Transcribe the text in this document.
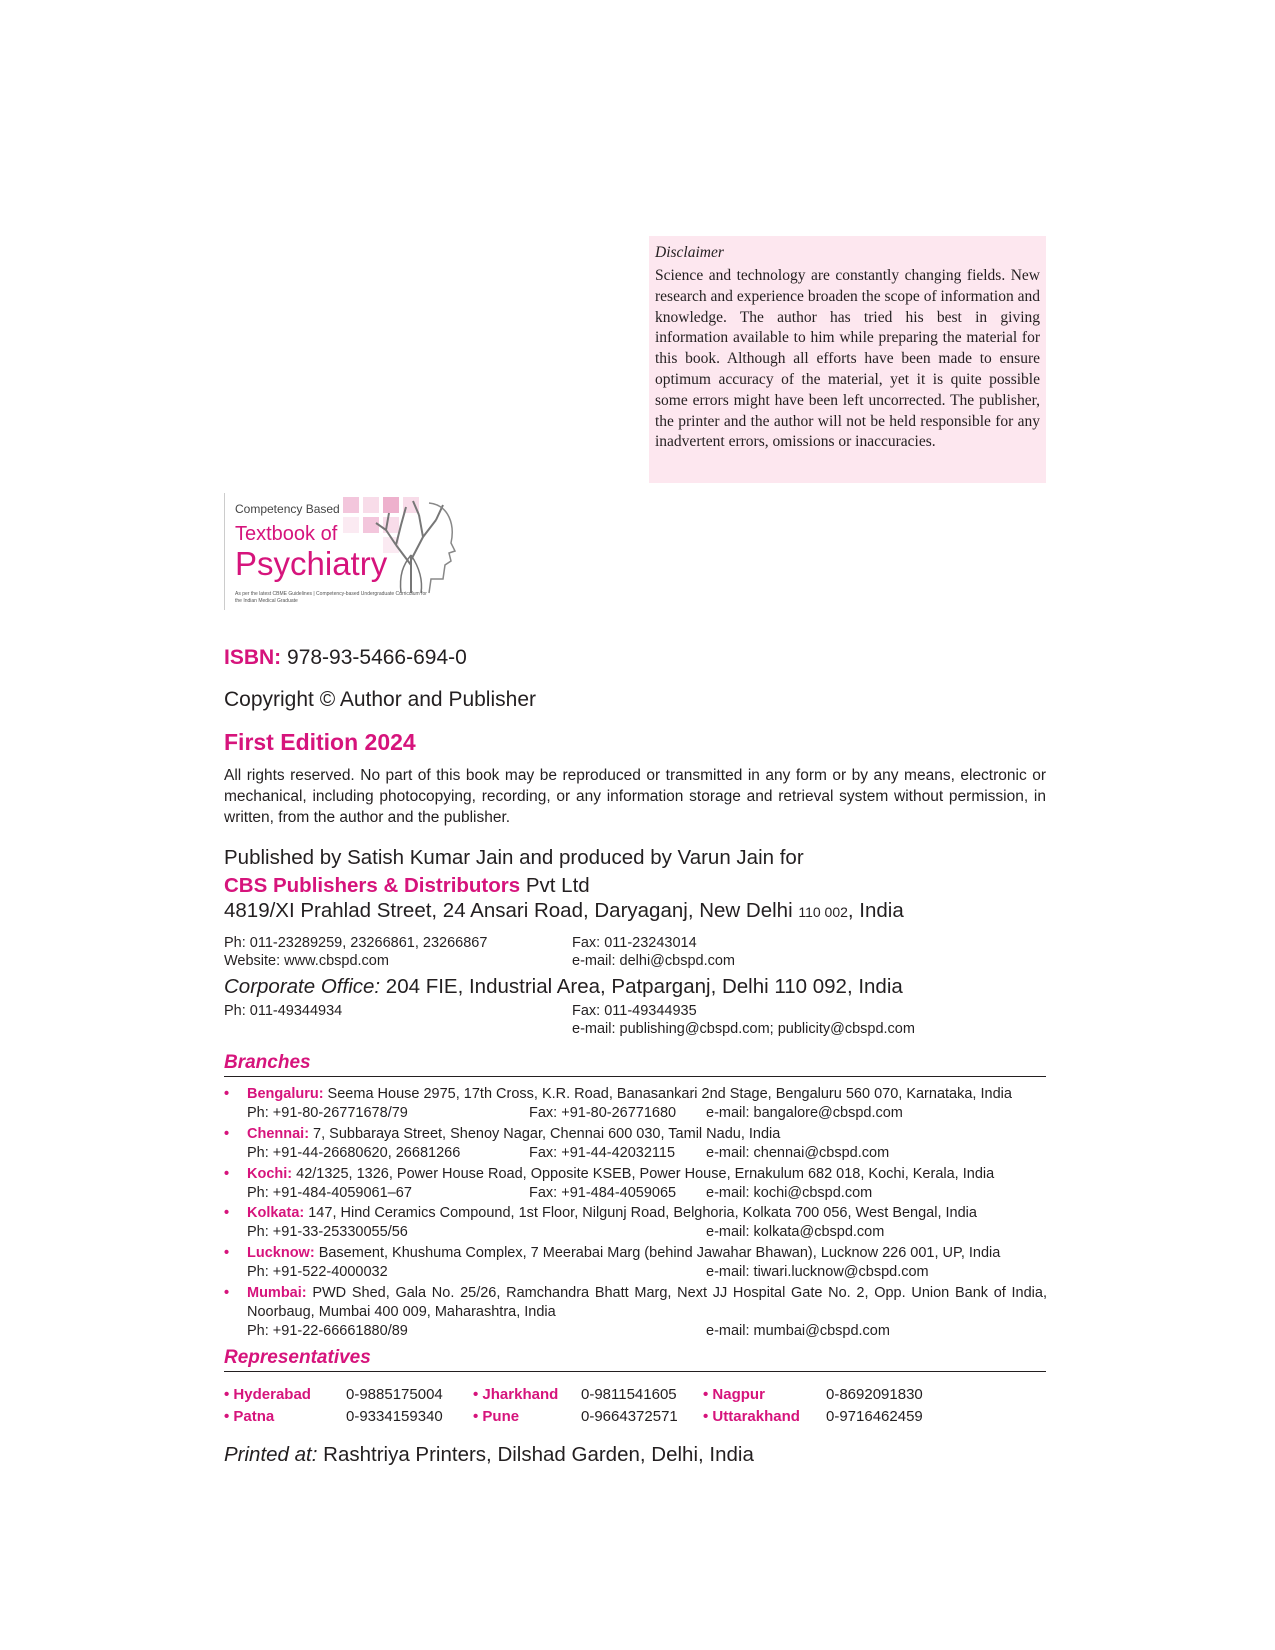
Disclaimer
Science and technology are constantly changing fields. New research and experience broaden the scope of information and knowledge. The author has tried his best in giving information available to him while preparing the material for this book. Although all efforts have been made to ensure optimum accuracy of the material, yet it is quite possible some errors might have been left uncorrected. The publisher, the printer and the author will not be held responsible for any inadvertent errors, omissions or inaccuracies.
Competency Based
Textbook of
Psychiatry
As per the latest CBME Guidelines | Competency-based Undergraduate Curriculum for the Indian Medical Graduate
ISBN: 978-93-5466-694-0
Copyright © Author and Publisher
First Edition 2024
All rights reserved. No part of this book may be reproduced or transmitted in any form or by any means, electronic or mechanical, including photocopying, recording, or any information storage and retrieval system without permission, in written, from the author and the publisher.
Published by Satish Kumar Jain and produced by Varun Jain for
CBS Publishers & Distributors Pvt Ltd
4819/XI Prahlad Street, 24 Ansari Road, Daryaganj, New Delhi 110 002, India
Ph: 011-23289259, 23266861, 23266867	Fax: 011-23243014
Website: www.cbspd.com	e-mail: delhi@cbspd.com
Corporate Office: 204 FIE, Industrial Area, Patparganj, Delhi 110 092, India
Ph: 011-49344934	Fax: 011-49344935
e-mail: publishing@cbspd.com; publicity@cbspd.com
Branches
• Bengaluru: Seema House 2975, 17th Cross, K.R. Road, Banasankari 2nd Stage, Bengaluru 560 070, Karnataka, India
Ph: +91-80-26771678/79	Fax: +91-80-26771680 e-mail: bangalore@cbspd.com
• Chennai: 7, Subbaraya Street, Shenoy Nagar, Chennai 600 030, Tamil Nadu, India
Ph: +91-44-26680620, 26681266	Fax: +91-44-42032115 e-mail: chennai@cbspd.com
• Kochi: 42/1325, 1326, Power House Road, Opposite KSEB, Power House, Ernakulum 682 018, Kochi, Kerala, India
Ph: +91-484-4059061–67	Fax: +91-484-4059065 e-mail: kochi@cbspd.com
• Kolkata: 147, Hind Ceramics Compound, 1st Floor, Nilgunj Road, Belghoria, Kolkata 700 056, West Bengal, India
Ph: +91-33-25330055/56	e-mail: kolkata@cbspd.com
• Lucknow: Basement, Khushuma Complex, 7 Meerabai Marg (behind Jawahar Bhawan), Lucknow 226 001, UP, India
Ph: +91-522-4000032	e-mail: tiwari.lucknow@cbspd.com
• Mumbai: PWD Shed, Gala No. 25/26, Ramchandra Bhatt Marg, Next JJ Hospital Gate No. 2, Opp. Union Bank of India, Noorbaug, Mumbai 400 009, Maharashtra, India
Ph: +91-22-66661880/89	e-mail: mumbai@cbspd.com
Representatives
• Hyderabad 0-9885175004 • Jharkhand 0-9811541605 • Nagpur	0-8692091830
• Patna	0-9334159340 • Pune	0-9664372571 • Uttarakhand 0-9716462459
Printed at: Rashtriya Printers, Dilshad Garden, Delhi, India
